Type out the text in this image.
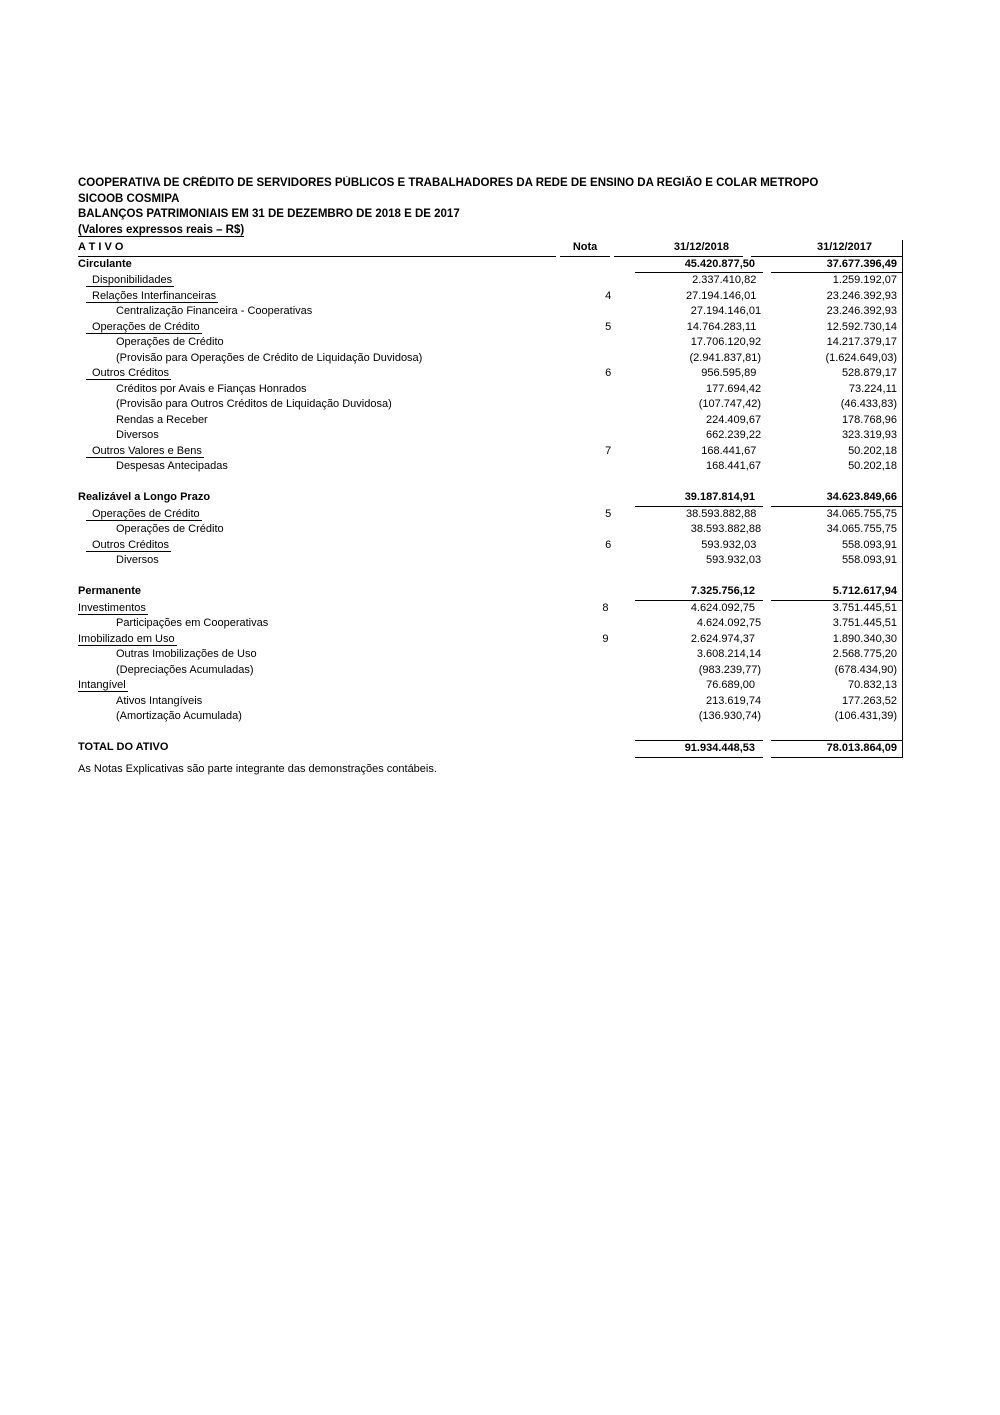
COOPERATIVA DE CRÉDITO DE SERVIDORES PÚBLICOS E TRABALHADORES DA REDE DE ENSINO DA REGIÃO E COLAR METROPO
SICOOB COSMIPA
BALANÇOS PATRIMONIAIS EM 31 DE DEZEMBRO DE 2018 E DE 2017
(Valores expressos reais – R$)
A T I V O	Nota	31/12/2018	31/12/2017
Circulante	45.420.877,50	37.677.396,49
Disponibilidades	2.337.410,82	1.259.192,07
Relações Interfinanceiras	4	27.194.146,01	23.246.392,93
Centralização Financeira - Cooperativas	27.194.146,01	23.246.392,93
Operações de Crédito	5	14.764.283,11	12.592.730,14
Operações de Crédito	17.706.120,92	14.217.379,17
(Provisão para Operações de Crédito de Liquidação Duvidosa)	(2.941.837,81)	(1.624.649,03)
Outros Créditos	6	956.595,89	528.879,17
Créditos por Avais e Fianças Honrados	177.694,42	73.224,11
(Provisão para Outros Créditos de Liquidação Duvidosa)	(107.747,42)	(46.433,83)
Rendas a Receber	224.409,67	178.768,96
Diversos	662.239,22	323.319,93
Outros Valores e Bens	7	168.441,67	50.202,18
Despesas Antecipadas	168.441,67	50.202,18
Realizável a Longo Prazo	39.187.814,91	34.623.849,66
Operações de Crédito	5	38.593.882,88	34.065.755,75
Operações de Crédito	38.593.882,88	34.065.755,75
Outros Créditos	6	593.932,03	558.093,91
Diversos	593.932,03	558.093,91
Permanente	7.325.756,12	5.712.617,94
Investimentos	8	4.624.092,75	3.751.445,51
Participações em Cooperativas	4.624.092,75	3.751.445,51
Imobilizado em Uso	9	2.624.974,37	1.890.340,30
Outras Imobilizações de Uso	3.608.214,14	2.568.775,20
(Depreciações Acumuladas)	(983.239,77)	(678.434,90)
Intangível	76.689,00	70.832,13
Ativos Intangíveis	213.619,74	177.263,52
(Amortização Acumulada)	(136.930,74)	(106.431,39)
TOTAL DO ATIVO	91.934.448,53	78.013.864,09
As Notas Explicativas são parte integrante das demonstrações contábeis.
